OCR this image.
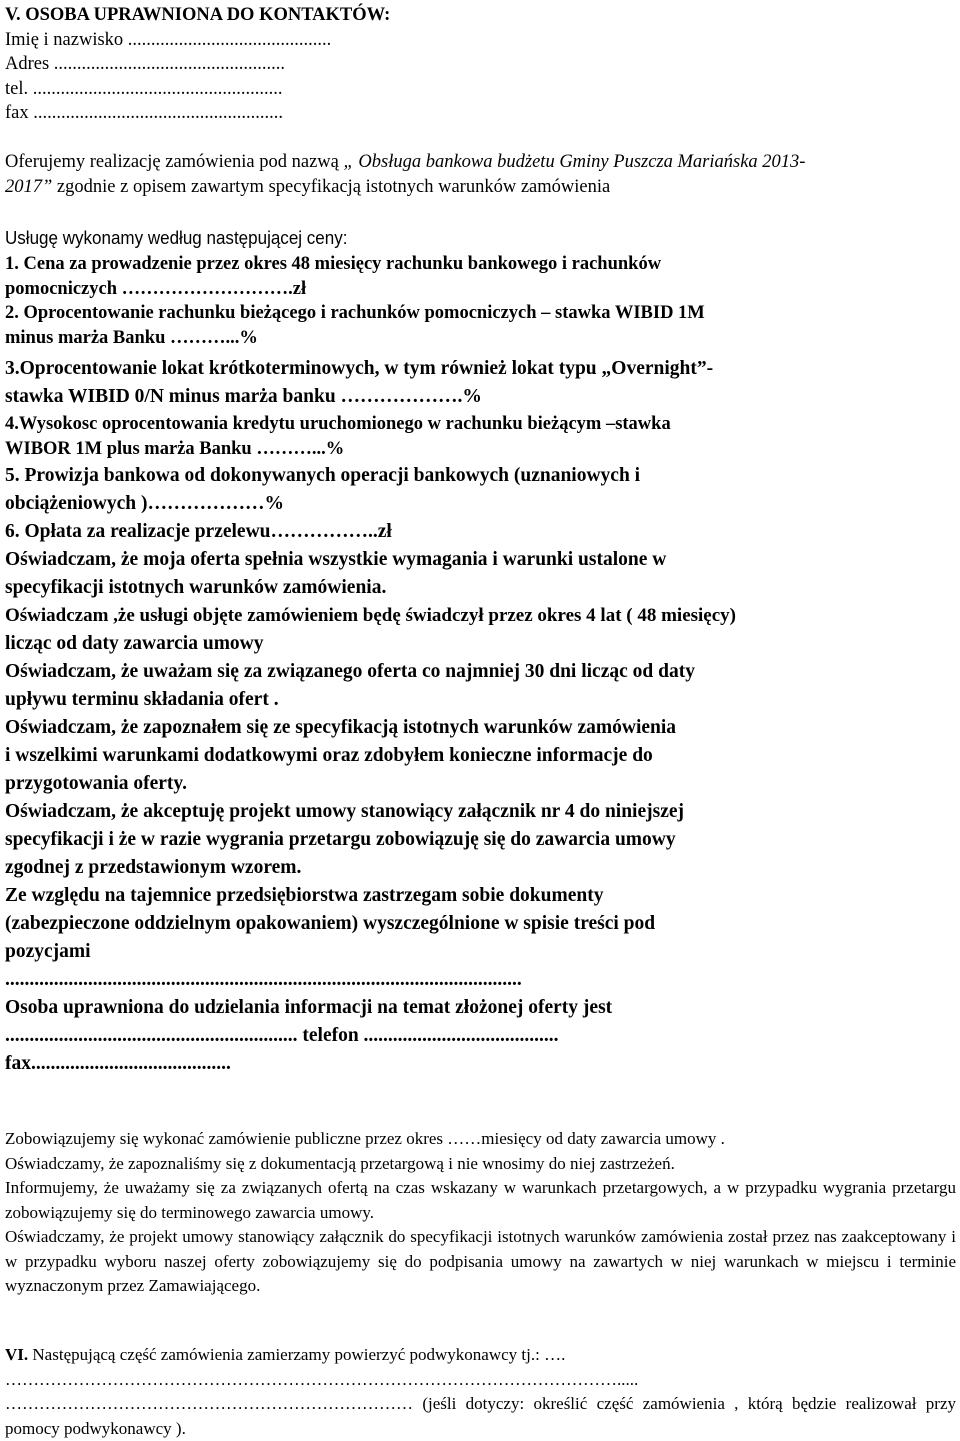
V. OSOBA UPRAWNIONA DO KONTAKTÓW:
Imię i nazwisko ............................................
Adres ..................................................
tel. ......................................................
fax ......................................................
Oferujemy realizację zamówienia pod nazwą „ Obsługa bankowa budżetu Gminy Puszcza Mariańska 2013-
2017” zgodnie z opisem zawartym specyfikacją istotnych warunków zamówienia
Usługę wykonamy według następującej ceny:
1. Cena za prowadzenie przez okres 48 miesięcy rachunku bankowego i rachunków
pomocniczych ……………………….zł
2. Oprocentowanie rachunku bieżącego i rachunków pomocniczych – stawka WIBID 1M
minus marża Banku ………...%
3.Oprocentowanie lokat krótkoterminowych, w tym również lokat typu „Overnight”-
stawka WIBID 0/N minus marża banku ……………….%
4.Wysokosc oprocentowania kredytu uruchomionego w rachunku bieżącym –stawka
WIBOR 1M plus marża Banku ………...%
5. Prowizja bankowa od dokonywanych operacji bankowych (uznaniowych i
obciążeniowych )………………%
6. Opłata za realizacje przelewu……………..zł
Oświadczam, że moja oferta spełnia wszystkie wymagania i warunki ustalone w
specyfikacji istotnych warunków zamówienia.
Oświadczam ,że usługi objęte zamówieniem będę świadczył przez okres 4 lat ( 48 miesięcy)
licząc od daty zawarcia umowy
Oświadczam, że uważam się za związanego oferta co najmniej 30 dni licząc od daty
upływu terminu składania ofert .
Oświadczam, że zapoznałem się ze specyfikacją istotnych warunków zamówienia
i wszelkimi warunkami dodatkowymi oraz zdobyłem konieczne informacje do
przygotowania oferty.
Oświadczam, że akceptuję projekt umowy stanowiący załącznik nr 4 do niniejszej
specyfikacji i że w razie wygrania przetargu zobowiązuję się do zawarcia umowy
zgodnej z przedstawionym wzorem.
Ze względu na tajemnice przedsiębiorstwa zastrzegam sobie dokumenty
(zabezpieczone oddzielnym opakowaniem) wyszczególnione w spisie treści pod
pozycjami
..........................................................................................................
Osoba uprawniona do udzielania informacji na temat złożonej oferty jest
............................................................ telefon ........................................
fax.........................................
Zobowiązujemy się wykonać zamówienie publiczne przez okres ……miesięcy od daty zawarcia umowy .
Oświadczamy, że zapoznaliśmy się z dokumentacją przetargową i nie wnosimy do niej zastrzeżeń.
Informujemy, że uważamy się za związanych ofertą na czas wskazany w warunkach przetargowych, a w przypadku wygrania przetargu zobowiązujemy się do terminowego zawarcia umowy.
Oświadczamy, że projekt umowy stanowiący załącznik do specyfikacji istotnych warunków zamówienia został przez nas zaakceptowany i w przypadku wyboru naszej oferty zobowiązujemy się do podpisania umowy na zawartych w niej warunkach w miejscu i terminie wyznaczonym przez Zamawiającego.
VI. Następującą część zamówienia zamierzamy powierzyć podwykonawcy tj.: ….
……………………………………………………………………………………………….....
……………………………………………………………… (jeśli dotyczy: określić część zamówienia , którą będzie realizował przy pomocy podwykonawcy ).
